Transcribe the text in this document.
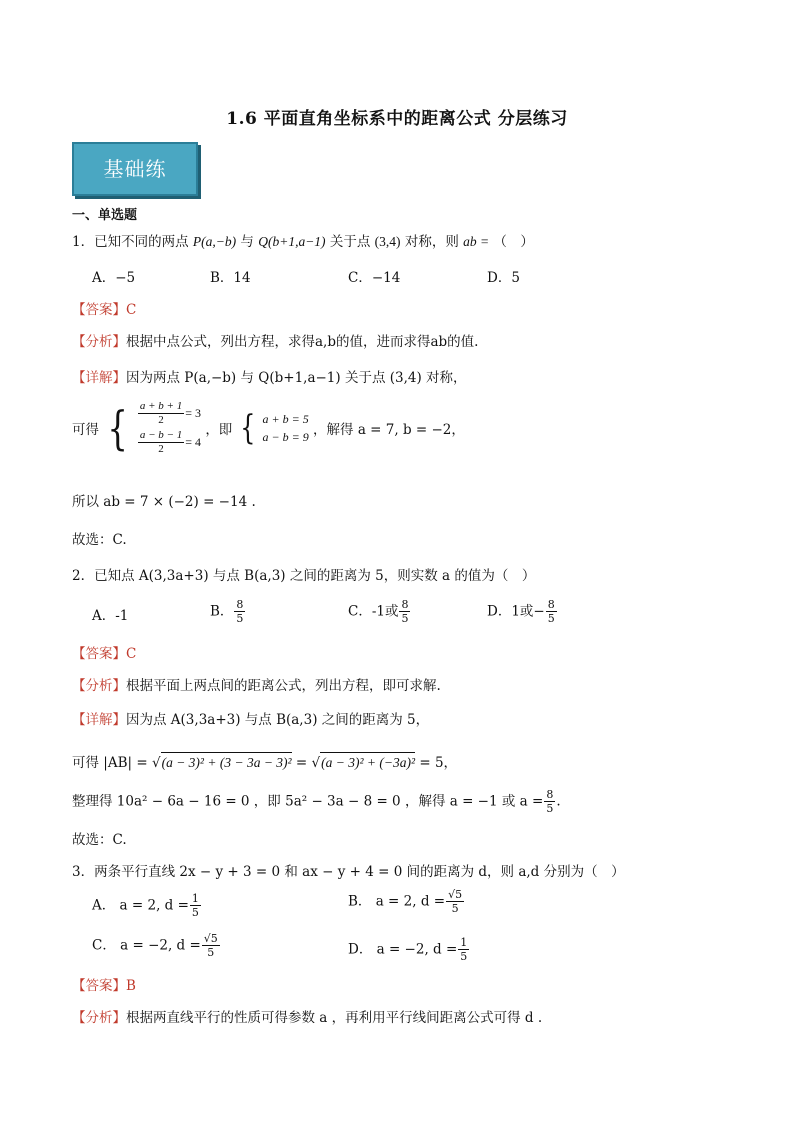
1.6 平面直角坐标系中的距离公式 分层练习
基础练
一、单选题
1．已知不同的两点 P(a,−b) 与 Q(b+1,a−1) 关于点 (3,4) 对称，则 ab = （　）
A．−5	B．14	C．−14	D．5
【答案】C
【分析】根据中点公式，列出方程，求得a,b的值，进而求得ab的值.
【详解】因为两点 P(a,−b) 与 Q(b+1,a−1) 关于点 (3,4) 对称，
可得 { $\frac{a + b + 1}{2} = 3$
$\frac{a - b - 1}{2} = 4$
，即 { a + b = 5
a − b = 9 ，解得 a = 7, b = −2，
所以 ab = 7 × (−2) = −14 .
故选：C.
2．已知点 A(3,3a+3) 与点 B(a,3) 之间的距离为 5，则实数 a 的值为（　）
A．-1	B． $\frac{8}{5}$	C．-1或 $\frac{8}{5}$	D．1或− $\frac{8}{5}$
【答案】C
【分析】根据平面上两点间的距离公式，列出方程，即可求解.
【详解】因为点 A(3,3a+3) 与点 B(a,3) 之间的距离为 5，
可得 |AB| = √(a − 3)² + (3 − 3a − 3)² = √(a − 3)² + (−3a)² = 5，
整理得 10a² − 6a − 16 = 0 ，即 5a² − 3a − 8 = 0 ，解得 a = −1 或 $a = \frac{8}{5}$ .
故选：C.
3．两条平行直线 2x − y + 3 = 0 和 ax − y + 4 = 0 间的距离为 d，则 a,d 分别为（　）
A． a = 2, $d = \frac{1}{5}$	B． a = 2, $d = \frac{√5}{5}$
C． a = −2, $d = \frac{√5}{5}$	D． a = −2, $d = \frac{1}{5}$
【答案】B
【分析】根据两直线平行的性质可得参数 a ，再利用平行线间距离公式可得 d .
